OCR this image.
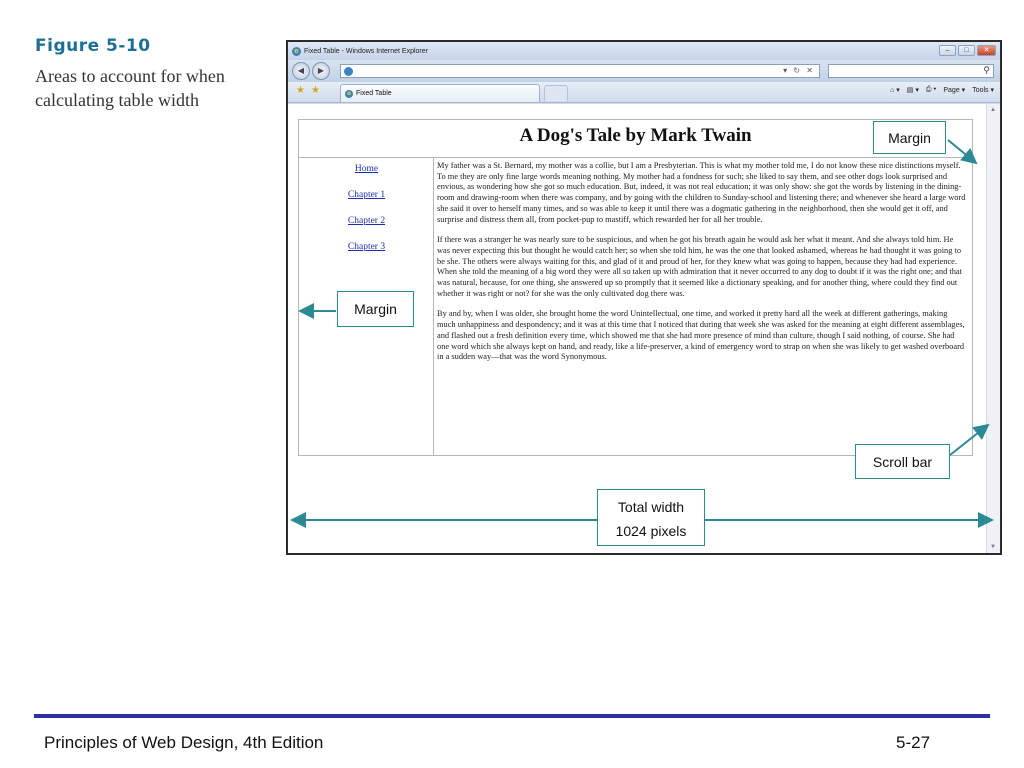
Figure 5-10
Areas to account for when calculating table width
e Fixed Table - Windows Internet Explorer	–	□	✕
◀	▶	▾ ↻ ✕	⚲
★★	e Fixed Table	⌂ ▾ ▤ ▾ ⎙ ▾ Page ▾ Tools ▾
A Dog's Tale by Mark Twain
Home
Chapter 1
Chapter 2
Chapter 3

My father was a St. Bernard, my mother was a collie, but I am a Presbyterian. This is what my mother told me, I do not know these nice distinctions myself. To me they are only fine large words meaning nothing. My mother had a fondness for such; she liked to say them, and see other dogs look surprised and envious, as wondering how she got so much education. But, indeed, it was not real education; it was only show: she got the words by listening in the dining-room and drawing-room when there was company, and by going with the children to Sunday-school and listening there; and whenever she heard a large word she said it over to herself many times, and so was able to keep it until there was a dogmatic gathering in the neighborhood, then she would get it off, and surprise and distress them all, from pocket-pup to mastiff, which rewarded her for all her trouble.

If there was a stranger he was nearly sure to be suspicious, and when he got his breath again he would ask her what it meant. And she always told him. He was never expecting this but thought he would catch her; so when she told him, he was the one that looked ashamed, whereas he had thought it was going to be she. The others were always waiting for this, and glad of it and proud of her, for they knew what was going to happen, because they had had experience. When she told the meaning of a big word they were all so taken up with admiration that it never occurred to any dog to doubt if it was the right one; and that was natural, because, for one thing, she answered up so promptly that it seemed like a dictionary speaking, and for another thing, where could they find out whether it was right or not? for she was the only cultivated dog there was.

By and by, when I was older, she brought home the word Unintellectual, one time, and worked it pretty hard all the week at different gatherings, making much unhappiness and despondency; and it was at this time that I noticed that during that week she was asked for the meaning at eight different assemblages, and flashed out a fresh definition every time, which showed me that she had more presence of mind than culture, though I said nothing, of course. She had one word which she always kept on hand, and ready, like a life-preserver, a kind of emergency word to strap on when she was likely to get washed overboard in a sudden way—that was the word Synonymous.

▲
▼
Margin
Margin
Scroll bar
Total width
1024 pixels
Principles of Web Design, 4th Edition	5-27
